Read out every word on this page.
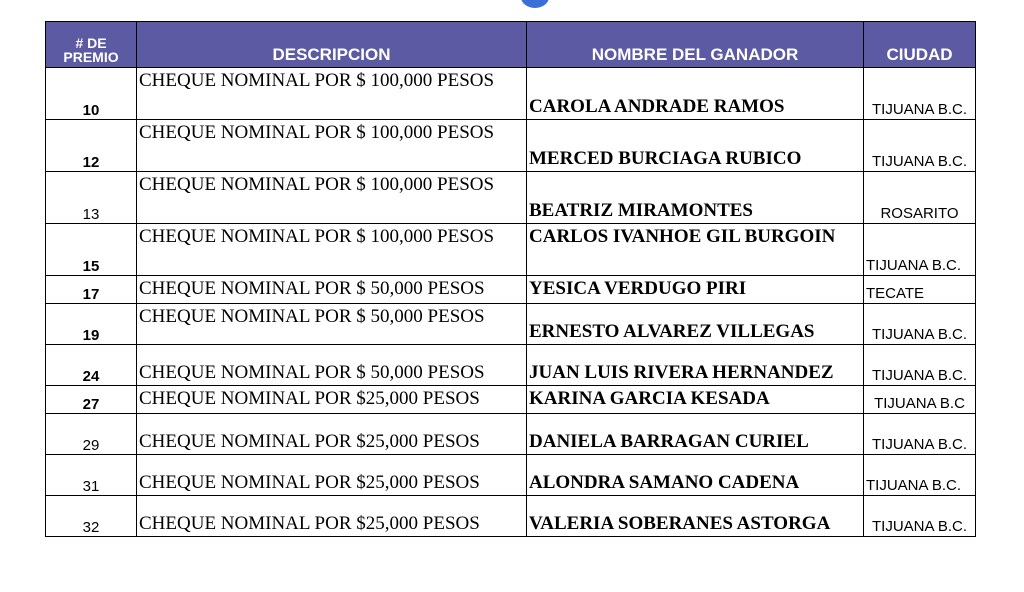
# DE PREMIO	DESCRIPCION	NOMBRE DEL GANADOR	CIUDAD
10	CHEQUE NOMINAL POR $ 100,000 PESOS	CAROLA ANDRADE RAMOS	TIJUANA B.C.
12	CHEQUE NOMINAL POR $ 100,000 PESOS	MERCED BURCIAGA RUBICO	TIJUANA B.C.
13	CHEQUE NOMINAL POR $ 100,000 PESOS	BEATRIZ MIRAMONTES	ROSARITO
15	CHEQUE NOMINAL POR $ 100,000 PESOS	CARLOS IVANHOE GIL BURGOIN	TIJUANA B.C.
17	CHEQUE NOMINAL POR $ 50,000 PESOS	YESICA VERDUGO PIRI	TECATE
19	CHEQUE NOMINAL POR $ 50,000 PESOS	ERNESTO ALVAREZ VILLEGAS	TIJUANA B.C.
24	CHEQUE NOMINAL POR $ 50,000 PESOS	JUAN LUIS RIVERA HERNANDEZ	TIJUANA B.C.
27	CHEQUE NOMINAL POR $25,000 PESOS	KARINA GARCIA KESADA	TIJUANA B.C
29	CHEQUE NOMINAL POR $25,000 PESOS	DANIELA BARRAGAN CURIEL	TIJUANA B.C.
31	CHEQUE NOMINAL POR $25,000 PESOS	ALONDRA SAMANO CADENA	TIJUANA B.C.
32	CHEQUE NOMINAL POR $25,000 PESOS	VALERIA SOBERANES ASTORGA	TIJUANA B.C.
